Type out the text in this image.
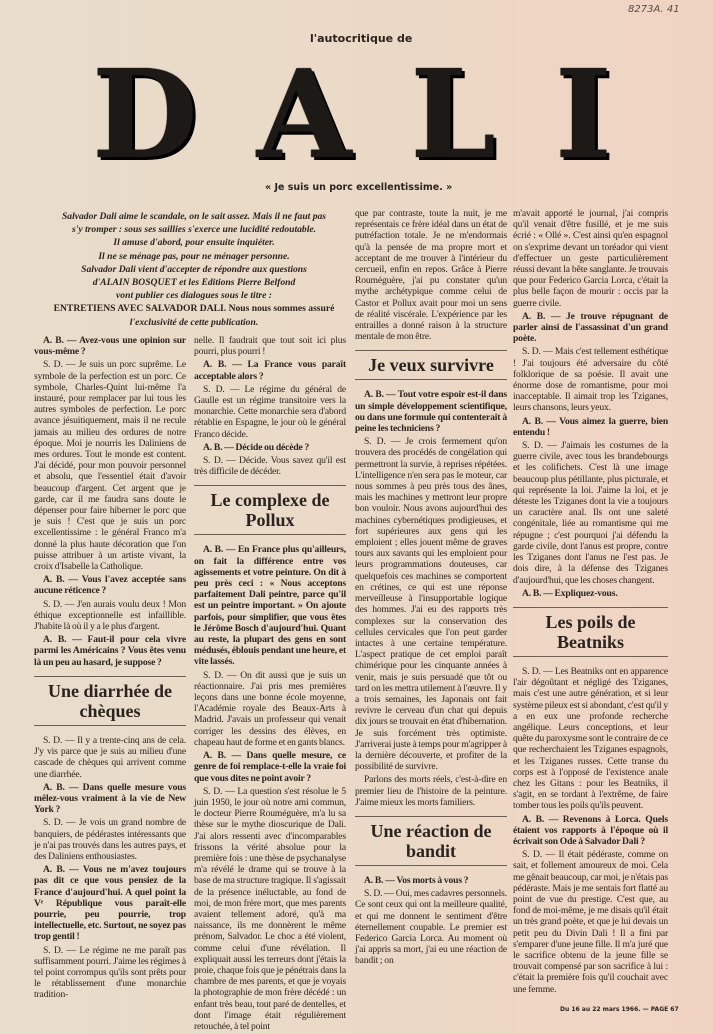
8273A. 41
l'autocritique de
D A L I
« Je suis un porc excellentissime. »
Salvador Dali aime le scandale, on le sait assez. Mais il ne faut pas
s'y tromper : sous ses saillies s'exerce une lucidité redoutable.
Il amuse d'abord, pour ensuite inquiéter.
Il ne se ménage pas, pour ne ménager personne.
Salvador Dali vient d'accepter de répondre aux questions
d'ALAIN BOSQUET et les Editions Pierre Belfond
vont publier ces dialogues sous le titre :
ENTRETIENS AVEC SALVADOR DALI. Nous nous sommes assuré
l'exclusivité de cette publication.

A. B. — Avez-vous une opinion sur vous-même ?

S. D. — Je suis un porc suprême. Le symbole de la perfection est un porc. Ce symbole, Charles-Quint lui-même l'a instauré, pour remplacer par lui tous les autres symboles de perfection. Le porc avance jésuitiquement, mais il ne recule jamais au milieu des ordures de notre époque. Moi je nourris les Daliniens de mes ordures. Tout le monde est content. J'ai décidé, pour mon pouvoir personnel et absolu, que l'essentiel était d'avoir beaucoup d'argent. Cet argent que je garde, car il me faudra sans doute le dépenser pour faire hiberner le porc que je suis ! C'est que je suis un porc excellentissime : le général Franco m'a donné la plus haute décoration que l'on puisse attribuer à un artiste vivant, la croix d'Isabelle la Catholique.

A. B. — Vous l'avez acceptée sans aucune réticence ?

S. D. — J'en aurais voulu deux ! Mon éthique exceptionnelle est infaillible. J'habite là où il y a le plus d'argent.

A. B. — Faut-il pour cela vivre parmi les Américains ? Vous êtes venu là un peu au hasard, je suppose ?

Une diarrhée de chèques

S. D. — Il y a trente-cinq ans de cela. J'y vis parce que je suis au milieu d'une cascade de chèques qui arrivent comme une diarrhée.

A. B. — Dans quelle mesure vous mêlez-vous vraiment à la vie de New York ?

S. D. — Je vois un grand nombre de banquiers, de pédérastes intéressants que je n'ai pas trouvés dans les autres pays, et des Daliniens enthousiastes.

A. B. — Vous ne m'avez toujours pas dit ce que vous pensiez de la France d'aujourd'hui. A quel point la Vᵉ République vous paraît-elle pourrie, peu pourrie, trop intellectuelle, etc. Surtout, ne soyez pas trop gentil !

S. D. — Le régime ne me paraît pas suffisamment pourri. J'aime les régimes à tel point corrompus qu'ils sont prêts pour le rétablissement d'une monarchie tradition-

nelle. Il faudrait que tout soit ici plus pourri, plus pourri !

A. B. — La France vous paraît acceptable alors ?

S. D. — Le régime du général de Gaulle est un régime transitoire vers la monarchie. Cette monarchie sera d'abord rétablie en Espagne, le jour où le général Franco décide.

A. B. — Décide ou décède ?

S. D. — Décide. Vous savez qu'il est très difficile de décéder.

Le complexe de Pollux

A. B. — En France plus qu'ailleurs, on fait la différence entre vos agissements et votre peinture. On dit à peu près ceci : « Nous acceptons parfaitement Dali peintre, parce qu'il est un peintre important. » On ajoute parfois, pour simplifier, que vous êtes le Jérôme Bosch d'aujourd'hui. Quant au reste, la plupart des gens en sont médusés, éblouis pendant une heure, et vite lassés.

S. D. — On dit aussi que je suis un réactionnaire. J'ai pris mes premières leçons dans une bonne école moyenne, l'Académie royale des Beaux-Arts à Madrid. J'avais un professeur qui venait corriger les dessins des élèves, en chapeau haut de forme et en gants blancs.

A. B. — Dans quelle mesure, ce genre de foi remplace-t-elle la vraie foi que vous dites ne point avoir ?

S. D. — La question s'est résolue le 5 juin 1950, le jour où notre ami commun, le docteur Pierre Rouméguère, m'a lu sa thèse sur le mythe dioscurique de Dali. J'ai alors ressenti avec d'incomparables frissons la vérité absolue pour la première fois : une thèse de psychanalyse m'a révélé le drame qui se trouve à la base de ma structure tragique. Il s'agissait de la présence inéluctable, au fond de moi, de mon frère mort, que mes parents avaient tellement adoré, qu'à ma naissance, ils me donnèrent le même prénom, Salvador. Le choc a été violent, comme celui d'une révélation. Il expliquait aussi les terreurs dont j'étais la proie, chaque fois que je pénétrais dans la chambre de mes parents, et que je voyais la photographie de mon frère décédé : un enfant très beau, tout paré de dentelles, et dont l'image était régulièrement retouchée, à tel point

que par contraste, toute la nuit, je me représentais ce frère idéal dans un état de putréfaction totale. Je ne m'endormais qu'à la pensée de ma propre mort et acceptant de me trouver à l'intérieur du cercueil, enfin en repos. Grâce à Pierre Rouméguère, j'ai pu constater qu'un mythe archétypique comme celui de Castor et Pollux avait pour moi un sens de réalité viscérale. L'expérience par les entrailles a donné raison à la structure mentale de mon être.

Je veux survivre

A. B. — Tout votre espoir est-il dans un simple développement scientifique, ou dans une formule qui contenterait à peine les techniciens ?

S. D. — Je crois fermement qu'on trouvera des procédés de congélation qui permettront la survie, à reprises répétées. L'intelligence n'en sera pas le moteur, car nous sommes à peu près tous des ânes, mais les machines y mettront leur propre bon vouloir. Nous avons aujourd'hui des machines cybernétiques prodigieuses, et fort supérieures aux gens qui les emploient ; elles jouent même de graves tours aux savants qui les emploient pour leurs programmations douteuses, car quelquefois ces machines se comportent en crétines, ce qui est une réponse merveilleuse à l'insupportable logique des hommes. J'ai eu des rapports très complexes sur la conservation des cellules cervicales que l'on peut garder intactes à une certaine température. L'aspect pratique de cet emploi paraît chimérique pour les cinquante années à venir, mais je suis persuadé que tôt ou tard on les mettra utilement à l'œuvre. Il y a trois semaines, les Japonais ont fait revivre le cerveau d'un chat qui depuis dix jours se trouvait en état d'hibernation. Je suis forcément très optimiste. J'arriverai juste à temps pour m'agripper à la dernière découverte, et profiter de la possibilité de survivre.

Parlons des morts réels, c'est-à-dire en premier lieu de l'histoire de la peinture. J'aime mieux les morts familiers.

Une réaction de bandit

A. B. — Vos morts à vous ?

S. D. — Oui, mes cadavres personnels. Ce sont ceux qui ont la meilleure qualité, et qui me donnent le sentiment d'être éternellement coupable. Le premier est Federico Garcia Lorca. Au moment où j'ai appris sa mort, j'ai eu une réaction de bandit ; on

m'avait apporté le journal, j'ai compris qu'il venait d'être fusillé, et je me suis écrié : « Ollé ». C'est ainsi qu'en espagnol on s'exprime devant un toréador qui vient d'effectuer un geste particulièrement réussi devant la bête sanglante. Je trouvais que pour Federico Garcia Lorca, c'était la plus belle façon de mourir : occis par la guerre civile.

A. B. — Je trouve répugnant de parler ainsi de l'assassinat d'un grand poète.

S. D. — Mais c'est tellement esthétique ! J'ai toujours été adversaire du côté folklorique de sa poésie. Il avait une énorme dose de romantisme, pour moi inacceptable. Il aimait trop les Tziganes, leurs chansons, leurs yeux.

A. B. — Vous aimez la guerre, bien entendu !

S. D. — J'aimais les costumes de la guerre civile, avec tous les brandebourgs et les colifichets. C'est là une image beaucoup plus pétillante, plus picturale, et qui représente la loi. J'aime la loi, et je déteste les Tziganes dont la vie a toujours un caractère anal. Ils ont une saleté congénitale, liée au romantisme qui me répugne ; c'est pourquoi j'ai défendu la garde civile, dont l'anus est propre, contre les Tziganes dont l'anus ne l'est pas. Je dois dire, à la défense des Tziganes d'aujourd'hui, que les choses changent.

A. B. — Expliquez-vous.

Les poils de Beatniks

S. D. — Les Beatniks ont en apparence l'air dégoûtant et négligé des Tziganes, mais c'est une autre génération, et si leur système pileux est si abondant, c'est qu'il y a en eux une profonde recherche angélique. Leurs conceptions, et leur quête du paroxysme sont le contraire de ce que recherchaient les Tziganes espagnols, et les Tziganes russes. Cette transe du corps est à l'opposé de l'existence anale chez les Gitans : pour les Beatniks, il s'agit, en se tordant à l'extrême, de faire tomber tous les poils qu'ils peuvent.

A. B. — Revenons à Lorca. Quels étaient vos rapports à l'époque où il écrivait son Ode à Salvador Dali ?

S. D. — Il était pédéraste, comme on sait, et follement amoureux de moi. Cela me gênait beaucoup, car moi, je n'étais pas pédéraste. Mais je me sentais fort flatté au point de vue du prestige. C'est que, au fond de moi-même, je me disais qu'il était un très grand poète, et que je lui devais un petit peu du Divin Dali ! Il a fini par s'emparer d'une jeune fille. Il m'a juré que le sacrifice obtenu de la jeune fille se trouvait compensé par son sacrifice à lui : c'était la première fois qu'il couchait avec une femme.

Du 16 au 22 mars 1966. — PAGE 67
